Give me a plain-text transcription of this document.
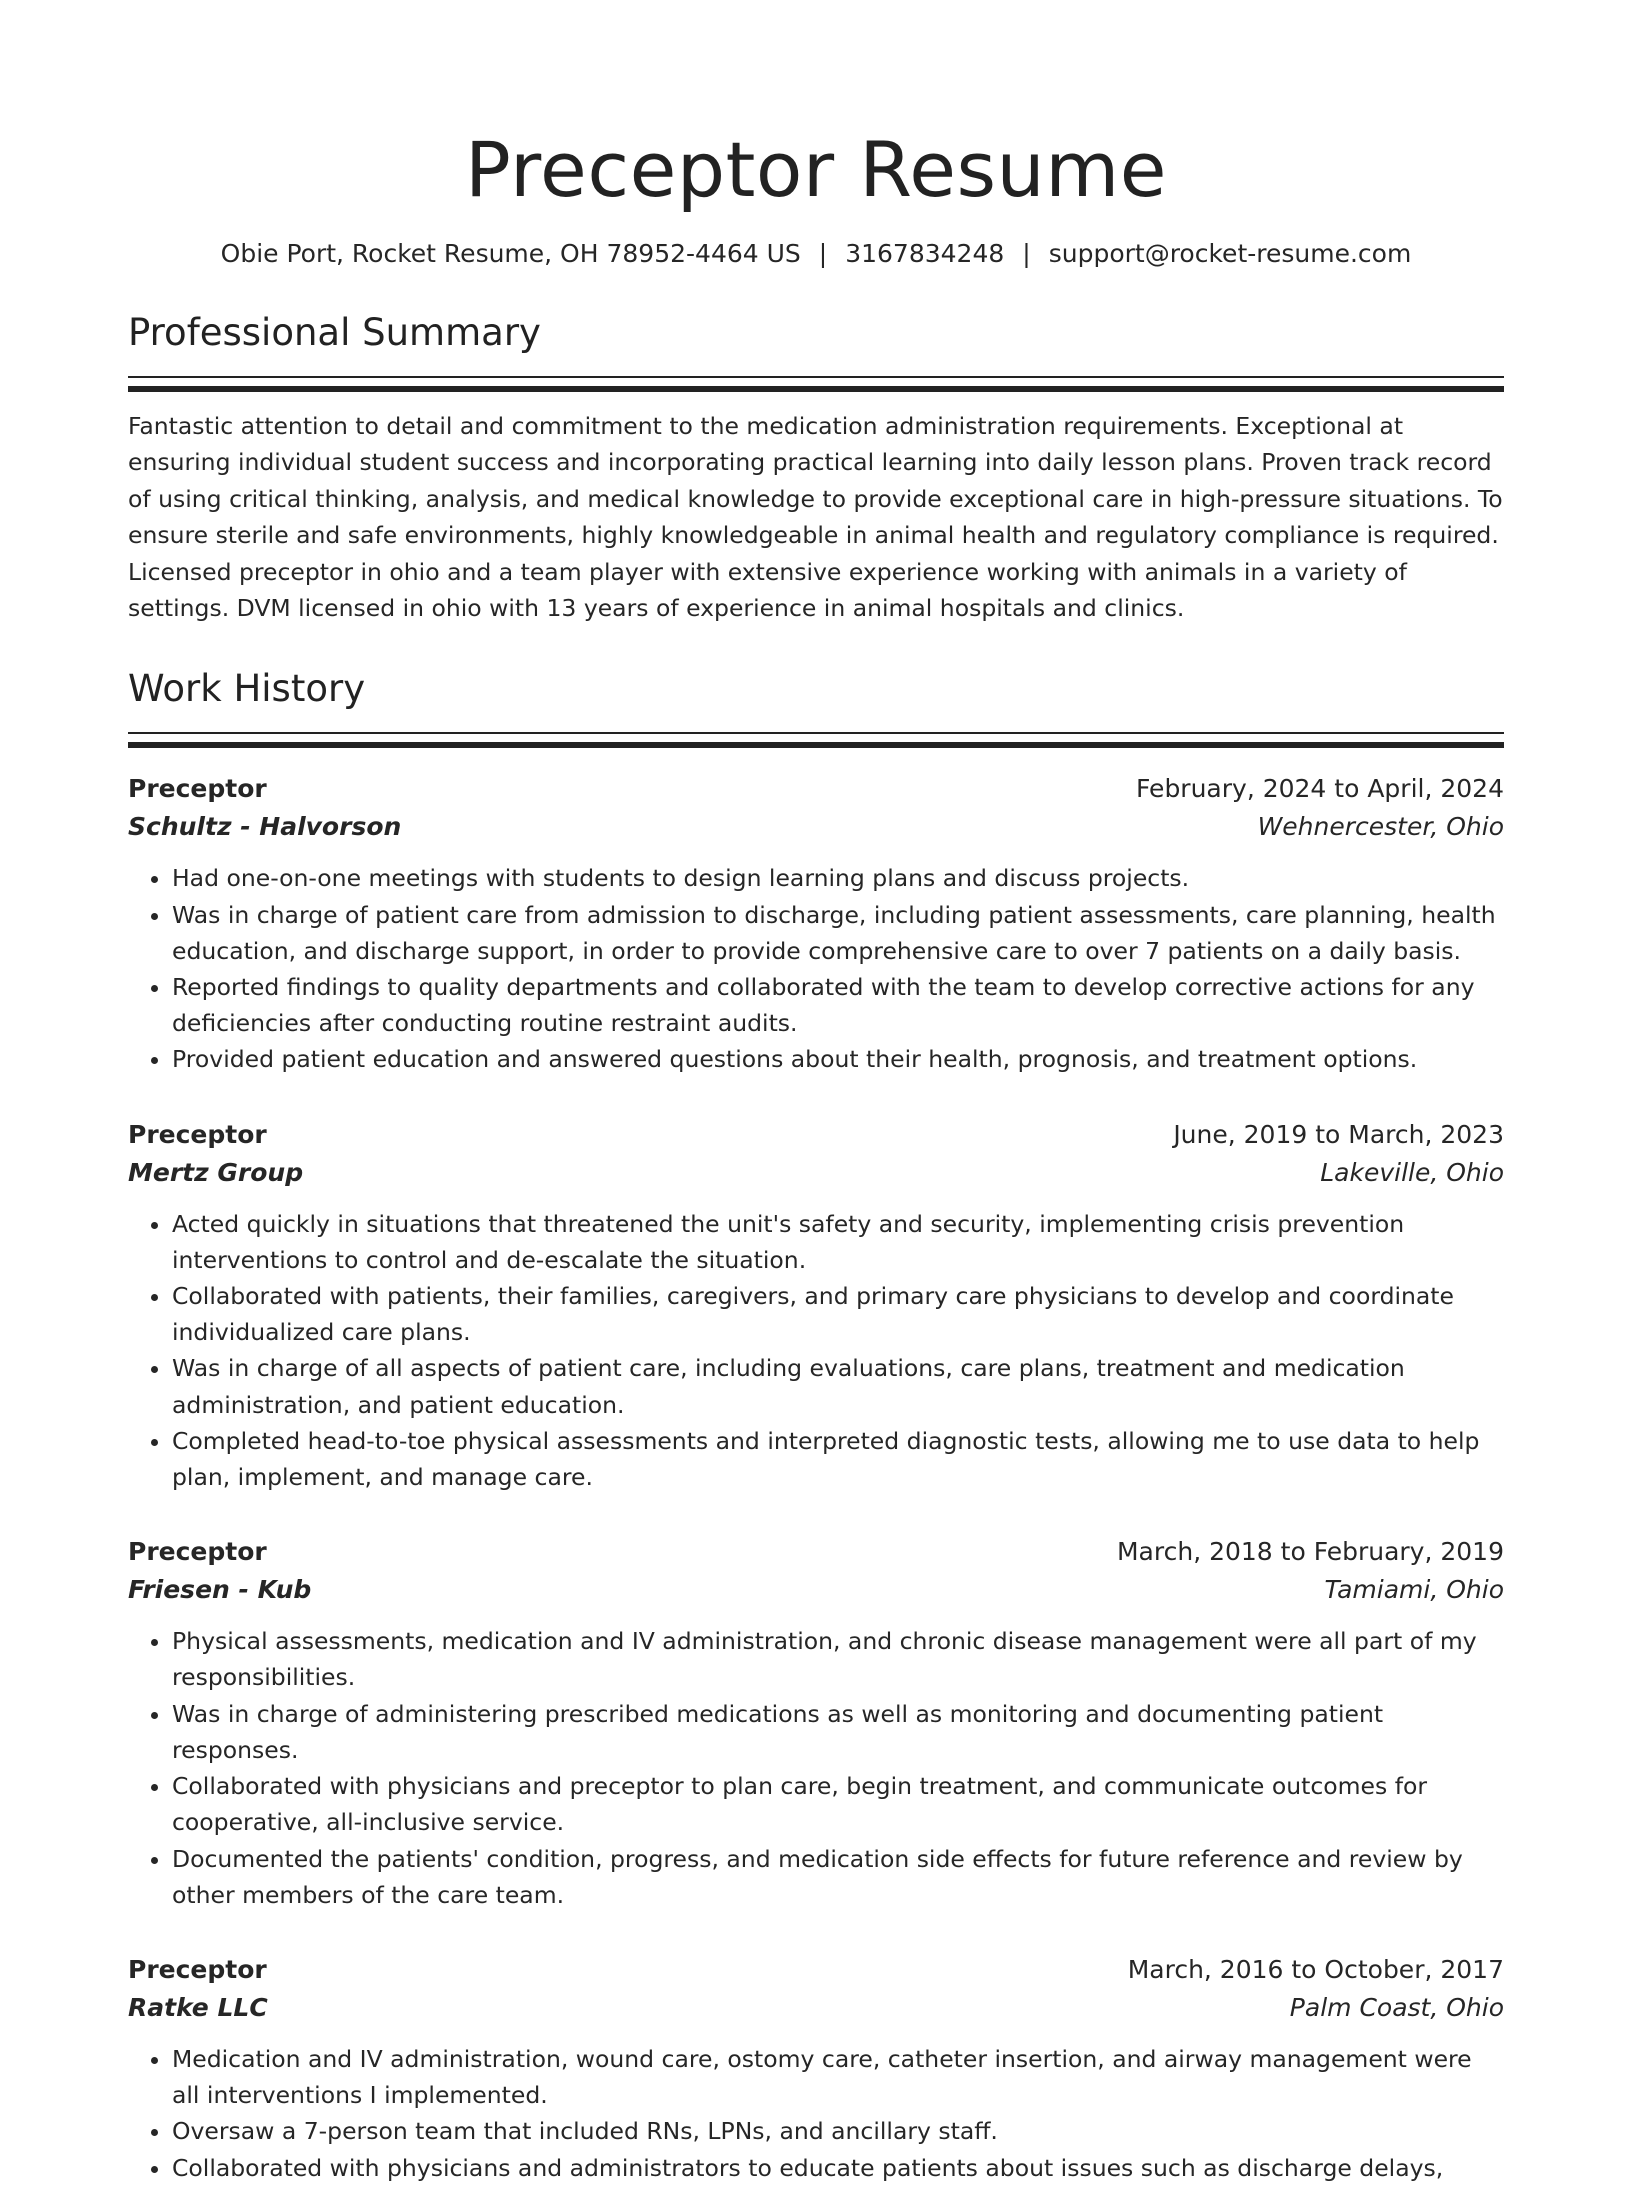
Preceptor Resume
Obie Port, Rocket Resume, OH 78952-4464 US | 3167834248 | support@rocket-resume.com
Professional Summary
Fantastic attention to detail and commitment to the medication administration requirements. Exceptional at ensuring individual student success and incorporating practical learning into daily lesson plans. Proven track record of using critical thinking, analysis, and medical knowledge to provide exceptional care in high-pressure situations. To ensure sterile and safe environments, highly knowledgeable in animal health and regulatory compliance is required. Licensed preceptor in ohio and a team player with extensive experience working with animals in a variety of settings. DVM licensed in ohio with 13 years of experience in animal hospitals and clinics.
Work History
Preceptor	February, 2024 to April, 2024
Schultz - Halvorson	Wehnercester, Ohio
• Had one-on-one meetings with students to design learning plans and discuss projects.
• Was in charge of patient care from admission to discharge, including patient assessments, care planning, health education, and discharge support, in order to provide comprehensive care to over 7 patients on a daily basis.
• Reported findings to quality departments and collaborated with the team to develop corrective actions for any deficiencies after conducting routine restraint audits.
• Provided patient education and answered questions about their health, prognosis, and treatment options.
Preceptor	June, 2019 to March, 2023
Mertz Group	Lakeville, Ohio
• Acted quickly in situations that threatened the unit's safety and security, implementing crisis prevention interventions to control and de-escalate the situation.
• Collaborated with patients, their families, caregivers, and primary care physicians to develop and coordinate individualized care plans.
• Was in charge of all aspects of patient care, including evaluations, care plans, treatment and medication administration, and patient education.
• Completed head-to-toe physical assessments and interpreted diagnostic tests, allowing me to use data to help plan, implement, and manage care.
Preceptor	March, 2018 to February, 2019
Friesen - Kub	Tamiami, Ohio
• Physical assessments, medication and IV administration, and chronic disease management were all part of my responsibilities.
• Was in charge of administering prescribed medications as well as monitoring and documenting patient responses.
• Collaborated with physicians and preceptor to plan care, begin treatment, and communicate outcomes for cooperative, all-inclusive service.
• Documented the patients' condition, progress, and medication side effects for future reference and review by other members of the care team.
Preceptor	March, 2016 to October, 2017
Ratke LLC	Palm Coast, Ohio
• Medication and IV administration, wound care, ostomy care, catheter insertion, and airway management were all interventions I implemented.
• Oversaw a 7-person team that included RNs, LPNs, and ancillary staff.
• Collaborated with physicians and administrators to educate patients about issues such as discharge delays,
